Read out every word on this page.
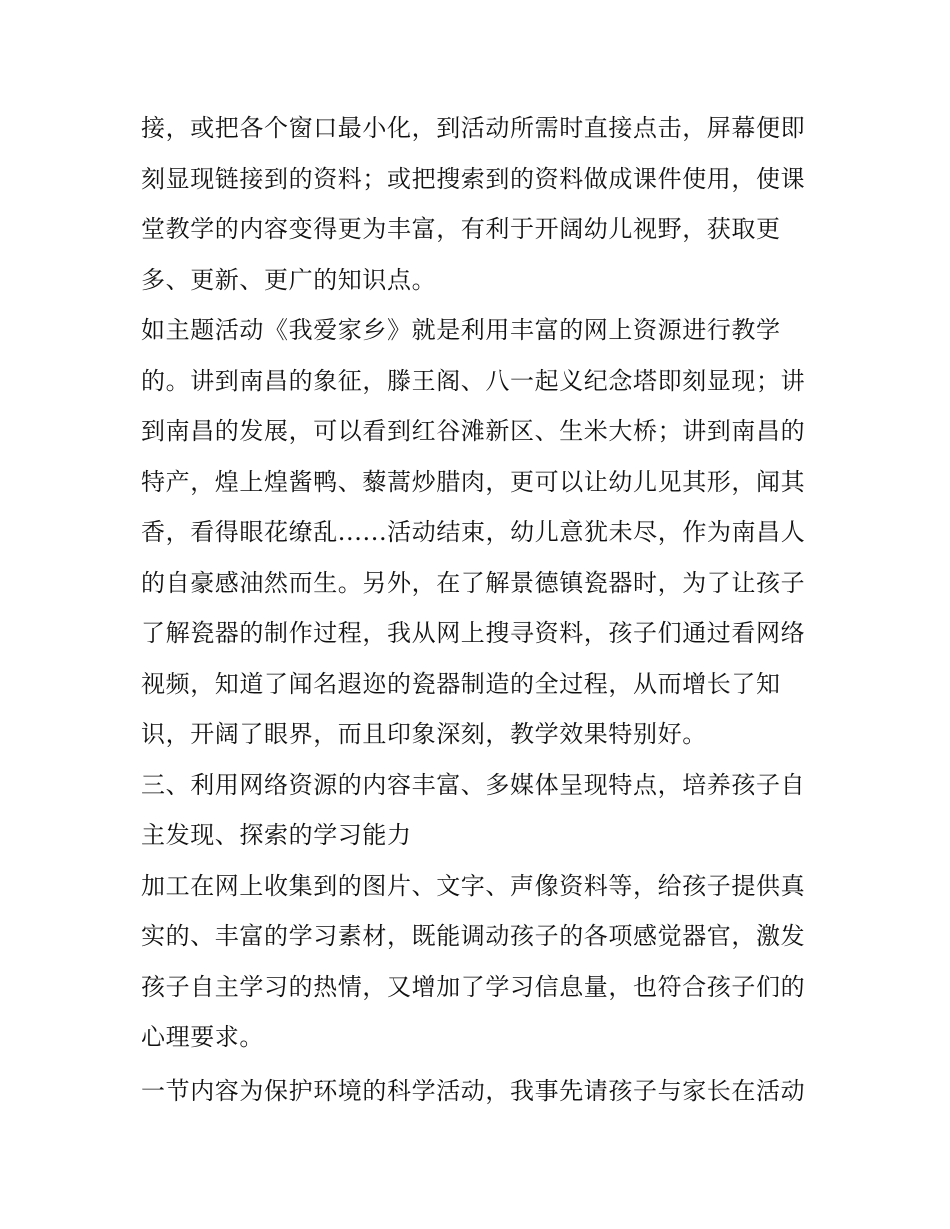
接，或把各个窗口最小化，到活动所需时直接点击，屏幕便即
刻显现链接到的资料；或把搜索到的资料做成课件使用，使课
堂教学的内容变得更为丰富，有利于开阔幼儿视野，获取更
多、更新、更广的知识点。
如主题活动《我爱家乡》就是利用丰富的网上资源进行教学
的。讲到南昌的象征，滕王阁、八一起义纪念塔即刻显现；讲
到南昌的发展，可以看到红谷滩新区、生米大桥；讲到南昌的
特产，煌上煌酱鸭、藜蒿炒腊肉，更可以让幼儿见其形，闻其
香，看得眼花缭乱......活动结束，幼儿意犹未尽，作为南昌人
的自豪感油然而生。另外，在了解景德镇瓷器时，为了让孩子
了解瓷器的制作过程，我从网上搜寻资料，孩子们通过看网络
视频，知道了闻名遐迩的瓷器制造的全过程，从而增长了知
识，开阔了眼界，而且印象深刻，教学效果特别好。
三、利用网络资源的内容丰富、多媒体呈现特点，培养孩子自
主发现、探索的学习能力
加工在网上收集到的图片、文字、声像资料等，给孩子提供真
实的、丰富的学习素材，既能调动孩子的各项感觉器官，激发
孩子自主学习的热情，又增加了学习信息量，也符合孩子们的
心理要求。
一节内容为保护环境的科学活动，我事先请孩子与家长在活动
